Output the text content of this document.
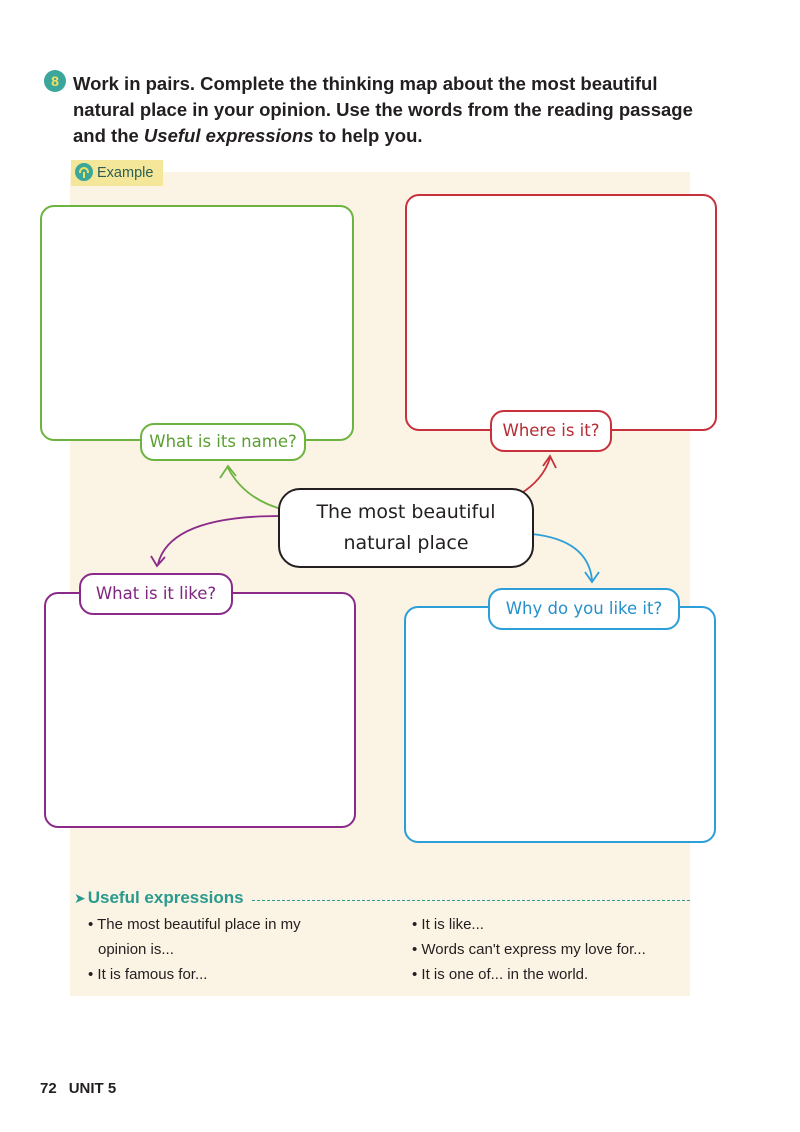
8 Work in pairs. Complete the thinking map about the most beautiful natural place in your opinion. Use the words from the reading passage and the Useful expressions to help you.

Example
What is its name?
Where is it?
What is it like?
Why do you like it?
The most beautiful
natural place
➤ Useful expressions
• The most beautiful place in my opinion is...
• It is famous for...
• It is like...
• Words can't express my love for...
• It is one of... in the world.
72 UNIT 5
